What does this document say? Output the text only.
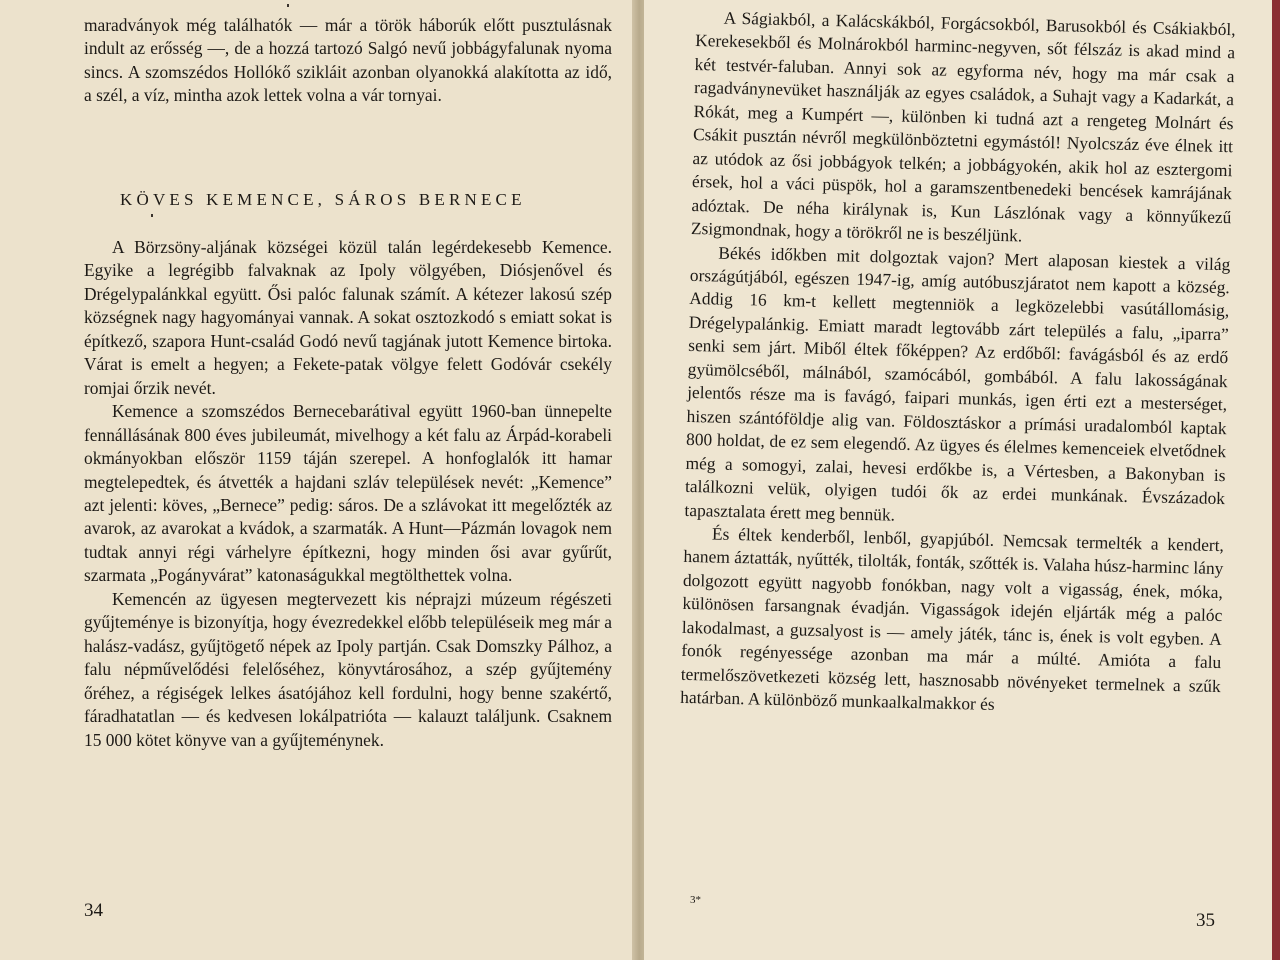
maradványok még találhatók — már a török háborúk előtt pusztulásnak indult az erősség —, de a hozzá tartozó Salgó nevű jobbágyfalunak nyoma sincs. A szomszédos Hollókő szikláit azonban olyanokká alakította az idő, a szél, a víz, mintha azok lettek volna a vár tornyai.

KÖVES KEMENCE, SÁROS BERNECE

A Börzsöny-aljának községei közül talán legérdekesebb Kemence. Egyike a legrégibb falvaknak az Ipoly völgyében, Diósjenővel és Drégelypalánkkal együtt. Ősi palóc falunak számít. A kétezer lakosú szép községnek nagy hagyományai vannak. A sokat osztozkodó s emiatt sokat is építkező, szapora Hunt-család Godó nevű tagjának jutott Kemence birtoka. Várat is emelt a hegyen; a Fekete-patak völgye felett Godóvár csekély romjai őrzik nevét.

Kemence a szomszédos Bernecebarátival együtt 1960-ban ünnepelte fennállásának 800 éves jubileumát, mivelhogy a két falu az Árpád-korabeli okmányokban először 1159 táján szerepel. A honfoglalók itt hamar megtelepedtek, és átvették a hajdani szláv települések nevét: „Kemence” azt jelenti: köves, „Bernece” pedig: sáros. De a szlávokat itt megelőzték az avarok, az avarokat a kvádok, a szarmaták. A Hunt—Pázmán lovagok nem tudtak annyi régi várhelyre építkezni, hogy minden ősi avar gyűrűt, szarmata „Pogányvárat” katonaságukkal megtölthettek volna.

Kemencén az ügyesen megtervezett kis néprajzi múzeum régészeti gyűjteménye is bizonyítja, hogy évezredekkel előbb településeik meg már a halász-vadász, gyűjtögető népek az Ipoly partján. Csak Domszky Pálhoz, a falu népművelődési felelőséhez, könyvtárosához, a szép gyűjtemény őréhez, a régiségek lelkes ásatójához kell fordulni, hogy benne szakértő, fáradhatatlan — és kedvesen lokálpatrióta — kalauzt találjunk. Csaknem 15 000 kötet könyve van a gyűjteménynek.

34

A Ságiakból, a Kalácskákból, Forgácsokból, Barusokból és Csákiakból, Kerekesekből és Molnárokból harminc-negyven, sőt félszáz is akad mind a két testvér-faluban. Annyi sok az egyforma név, hogy ma már csak a ragadványnevüket használják az egyes családok, a Suhajt vagy a Kadarkát, a Rókát, meg a Kumpért —, különben ki tudná azt a rengeteg Molnárt és Csákit pusztán névről megkülönböztetni egymástól! Nyolcszáz éve élnek itt az utódok az ősi jobbágyok telkén; a jobbágyokén, akik hol az esztergomi érsek, hol a váci püspök, hol a garamszentbenedeki bencések kamrájának adóztak. De néha királynak is, Kun Lászlónak vagy a könnyűkezű Zsigmondnak, hogy a törökről ne is beszéljünk.

Békés időkben mit dolgoztak vajon? Mert alaposan kiestek a világ országútjából, egészen 1947-ig, amíg autóbuszjáratot nem kapott a község. Addig 16 km-t kellett megtenniök a legközelebbi vasútállomásig, Drégelypalánkig. Emiatt maradt legtovább zárt település a falu, „iparra” senki sem járt. Miből éltek főképpen? Az erdőből: favágásból és az erdő gyümölcséből, málnából, szamócából, gombából. A falu lakosságának jelentős része ma is favágó, faipari munkás, igen érti ezt a mesterséget, hiszen szántóföldje alig van. Földosztáskor a prímási uradalomból kaptak 800 holdat, de ez sem elegendő. Az ügyes és élelmes kemenceiek elvetődnek még a somogyi, zalai, hevesi erdőkbe is, a Vértesben, a Bakonyban is találkozni velük, olyigen tudói ők az erdei munkának. Évszázadok tapasztalata érett meg bennük.

És éltek kenderből, lenből, gyapjúból. Nemcsak termelték a kendert, hanem áztatták, nyűtték, tilolták, fonták, szőtték is. Valaha húsz-harminc lány dolgozott együtt nagyobb fonókban, nagy volt a vigasság, ének, móka, különösen farsangnak évadján. Vigasságok idején eljárták még a palóc lakodalmast, a guzsalyost is — amely játék, tánc is, ének is volt egyben. A fonók regényessége azonban ma már a múlté. Amióta a falu termelőszövetkezeti község lett, hasznosabb növényeket termelnek a szűk határban. A különböző munkaalkalmakkor és

3*
35
